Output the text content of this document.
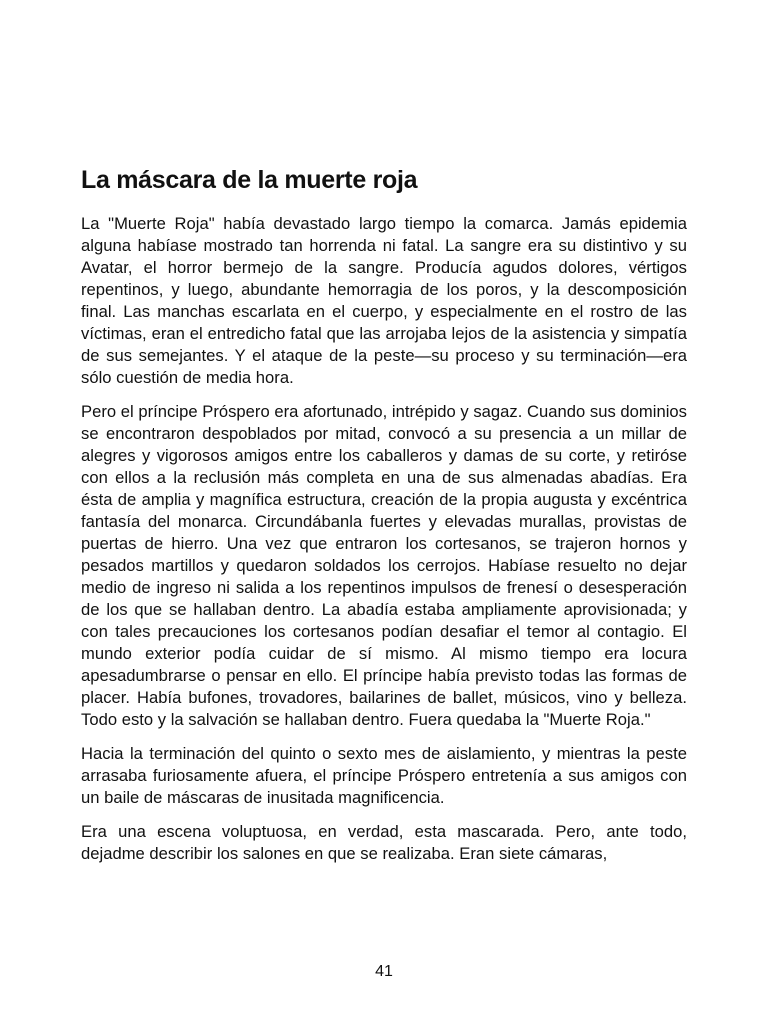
La máscara de la muerte roja

La "Muerte Roja" había devastado largo tiempo la comarca. Jamás epidemia alguna habíase mostrado tan horrenda ni fatal. La sangre era su distintivo y su Avatar, el horror bermejo de la sangre. Producía agudos dolores, vértigos repentinos, y luego, abundante hemorragia de los poros, y la descomposición final. Las manchas escarlata en el cuerpo, y especialmente en el rostro de las víctimas, eran el entredicho fatal que las arrojaba lejos de la asistencia y simpatía de sus semejantes. Y el ataque de la peste—su proceso y su terminación—era sólo cuestión de media hora.

Pero el príncipe Próspero era afortunado, intrépido y sagaz. Cuando sus dominios se encontraron despoblados por mitad, convocó a su presencia a un millar de alegres y vigorosos amigos entre los caballeros y damas de su corte, y retiróse con ellos a la reclusión más completa en una de sus almenadas abadías. Era ésta de amplia y magnífica estructura, creación de la propia augusta y excéntrica fantasía del monarca. Circundábanla fuertes y elevadas murallas, provistas de puertas de hierro. Una vez que entraron los cortesanos, se trajeron hornos y pesados martillos y quedaron soldados los cerrojos. Habíase resuelto no dejar medio de ingreso ni salida a los repentinos impulsos de frenesí o desesperación de los que se hallaban dentro. La abadía estaba ampliamente aprovisionada; y con tales precauciones los cortesanos podían desafiar el temor al contagio. El mundo exterior podía cuidar de sí mismo. Al mismo tiempo era locura apesadumbrarse o pensar en ello. El príncipe había previsto todas las formas de placer. Había bufones, trovadores, bailarines de ballet, músicos, vino y belleza. Todo esto y la salvación se hallaban dentro. Fuera quedaba la "Muerte Roja."

Hacia la terminación del quinto o sexto mes de aislamiento, y mientras la peste arrasaba furiosamente afuera, el príncipe Próspero entretenía a sus amigos con un baile de máscaras de inusitada magnificencia.

Era una escena voluptuosa, en verdad, esta mascarada. Pero, ante todo, dejadme describir los salones en que se realizaba. Eran siete cámaras,

41
